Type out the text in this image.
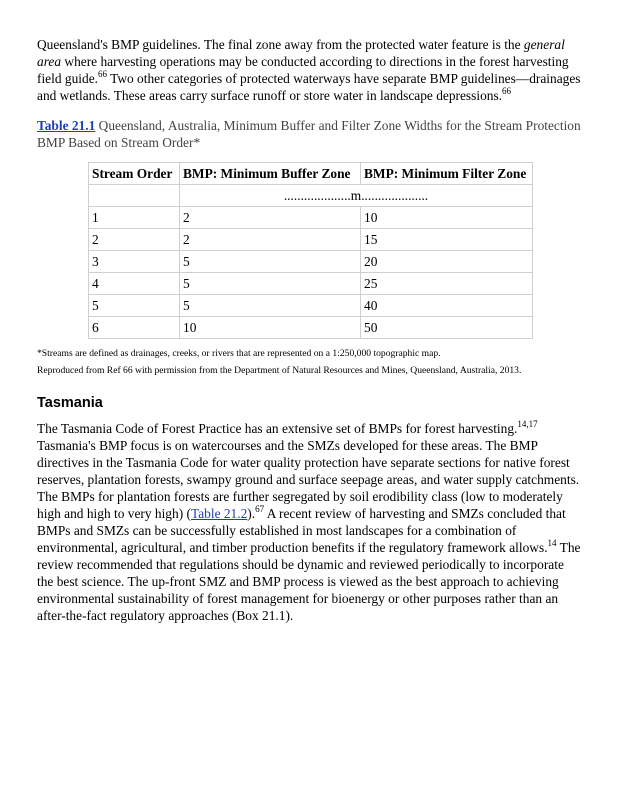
Queensland's BMP guidelines. The final zone away from the protected water feature is the general area where harvesting operations may be conducted according to directions in the forest harvesting field guide.$^{66}$ Two other categories of protected waterways have separate BMP guidelines—drainages and wetlands. These areas carry surface runoff or store water in landscape depressions.$^{66}$

Table 21.1 Queensland, Australia, Minimum Buffer and Filter Zone Widths for the Stream Protection BMP Based on Stream Order*
Stream Order	BMP: Minimum Buffer Zone	BMP: Minimum Filter Zone
	....................m....................	
1	2	10
2	2	15
3	5	20
4	5	25
5	5	40
6	10	50
*Streams are defined as drainages, creeks, or rivers that are represented on a 1:250,000 topographic map.
Reproduced from Ref 66 with permission from the Department of Natural Resources and Mines, Queensland, Australia, 2013.
Tasmania

The Tasmania Code of Forest Practice has an extensive set of BMPs for forest harvesting.$^{14,17}$ Tasmania's BMP focus is on watercourses and the SMZs developed for these areas. The BMP directives in the Tasmania Code for water quality protection have separate sections for native forest reserves, plantation forests, swampy ground and surface seepage areas, and water supply catchments. The BMPs for plantation forests are further segregated by soil erodibility class (low to moderately high and high to very high) (Table 21.2).$^{67}$ A recent review of harvesting and SMZs concluded that BMPs and SMZs can be successfully established in most landscapes for a combination of environmental, agricultural, and timber production benefits if the regulatory framework allows.$^{14}$ The review recommended that regulations should be dynamic and reviewed periodically to incorporate the best science. The up-front SMZ and BMP process is viewed as the best approach to achieving environmental sustainability of forest management for bioenergy or other purposes rather than an after-the-fact regulatory approaches (Box 21.1).
